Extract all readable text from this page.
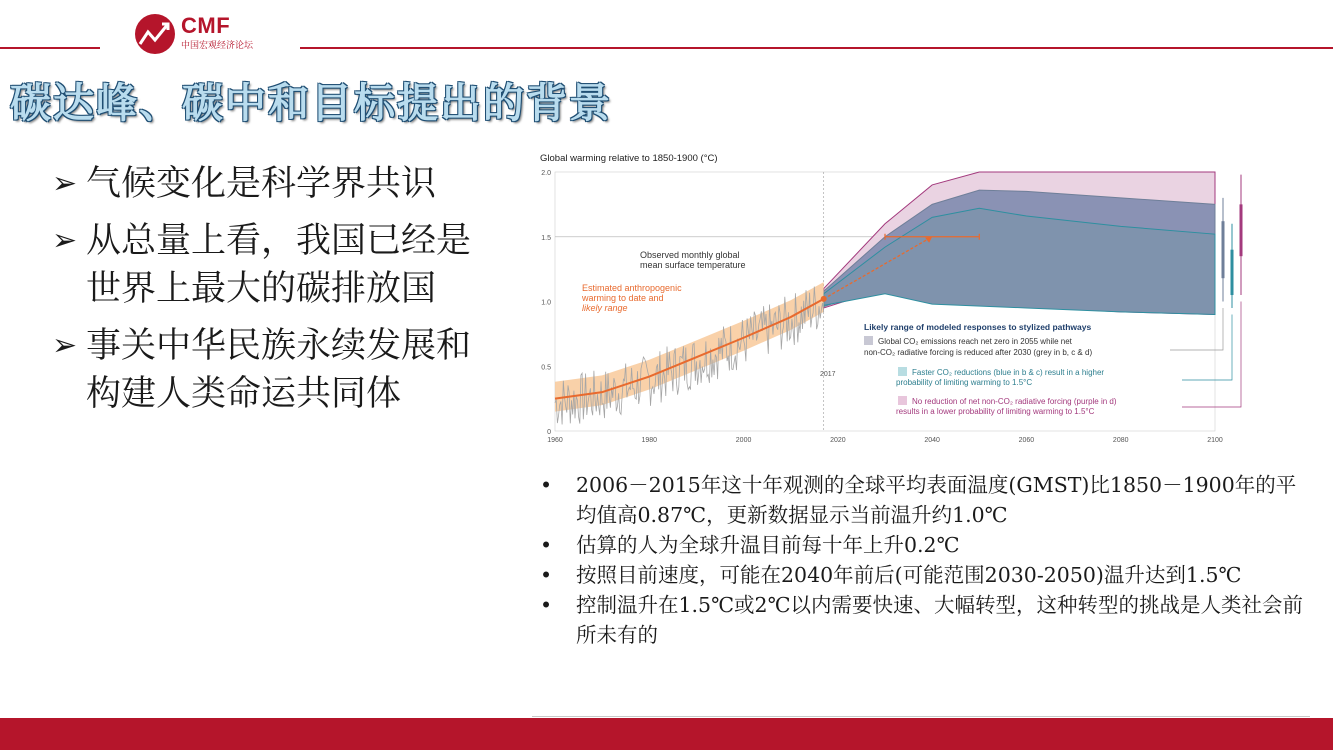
CMF
中国宏观经济论坛
碳达峰、碳中和目标提出的背景
➢ 气候变化是科学界共识
➢ 从总量上看，我国已经是世界上最大的碳排放国
➢ 事关中华民族永续发展和构建人类命运共同体
Global warming relative to 1850-1900 (°C)
0
0.5
1.0
1.5
2.0
1960	1980	2000	2020	2040	2060	2080	2100
Observed monthly global
mean surface temperature
Estimated anthropogenic
warming to date and
likely range
2017
Likely range of modeled responses to stylized pathways
Global CO₂ emissions reach net zero in 2055 while net
non-CO₂ radiative forcing is reduced after 2030 (grey in b, c & d)
Faster CO₂ reductions (blue in b & c) result in a higher
probability of limiting warming to 1.5°C
No reduction of net non-CO₂ radiative forcing (purple in d)
results in a lower probability of limiting warming to 1.5°C
• 2006－2015年这十年观测的全球平均表面温度(GMST)比1850－1900年的平均值高0.87℃，更新数据显示当前温升约1.0℃
• 估算的人为全球升温目前每十年上升0.2℃
• 按照目前速度，可能在2040年前后(可能范围2030-2050)温升达到1.5℃
• 控制温升在1.5℃或2℃以内需要快速、大幅转型，这种转型的挑战是人类社会前所未有的
